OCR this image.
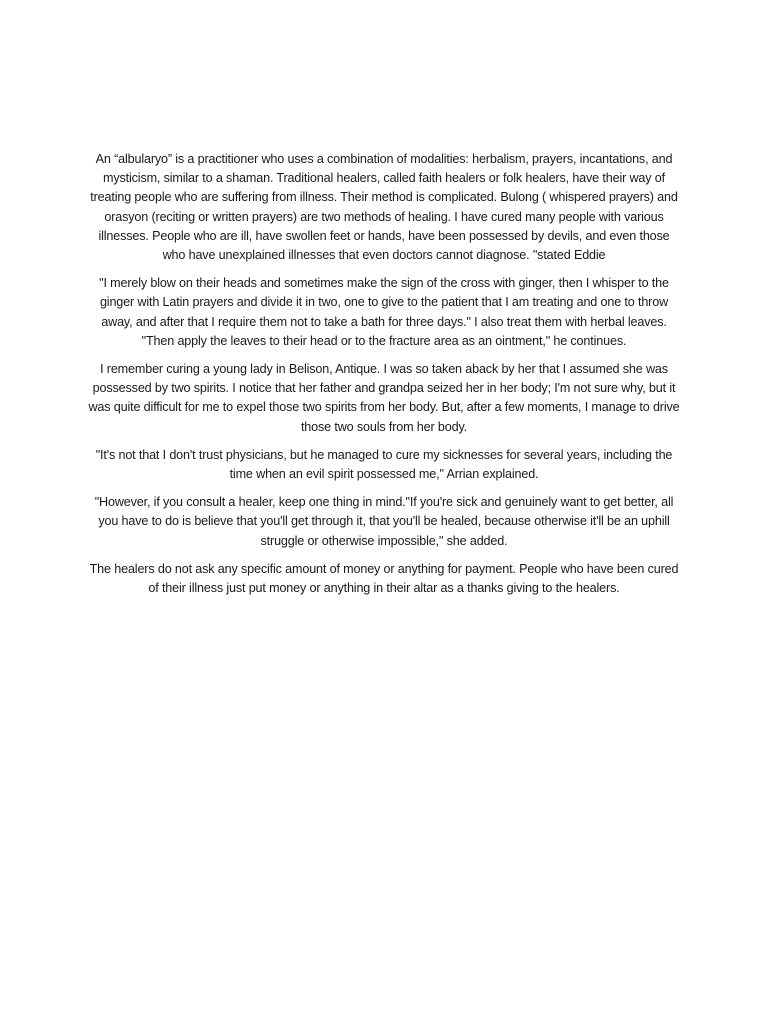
An “albularyo” is a practitioner who uses a combination of modalities: herbalism, prayers, incantations, and mysticism, similar to a shaman. Traditional healers, called faith healers or folk healers, have their way of treating people who are suffering from illness. Their method is complicated. Bulong ( whispered prayers) and orasyon (reciting or written prayers) are two methods of healing. I have cured many people with various illnesses. People who are ill, have swollen feet or hands, have been possessed by devils, and even those who have unexplained illnesses that even doctors cannot diagnose. "stated Eddie

"I merely blow on their heads and sometimes make the sign of the cross with ginger, then I whisper to the ginger with Latin prayers and divide it in two, one to give to the patient that I am treating and one to throw away, and after that I require them not to take a bath for three days." I also treat them with herbal leaves. "Then apply the leaves to their head or to the fracture area as an ointment," he continues.

I remember curing a young lady in Belison, Antique. I was so taken aback by her that I assumed she was possessed by two spirits. I notice that her father and grandpa seized her in her body; I'm not sure why, but it was quite difficult for me to expel those two spirits from her body. But, after a few moments, I manage to drive those two souls from her body.

"It's not that I don't trust physicians, but he managed to cure my sicknesses for several years, including the time when an evil spirit possessed me," Arrian explained.

"However, if you consult a healer, keep one thing in mind."If you're sick and genuinely want to get better, all you have to do is believe that you'll get through it, that you'll be healed, because otherwise it'll be an uphill struggle or otherwise impossible," she added.

The healers do not ask any specific amount of money or anything for payment. People who have been cured of their illness just put money or anything in their altar as a thanks giving to the healers.
